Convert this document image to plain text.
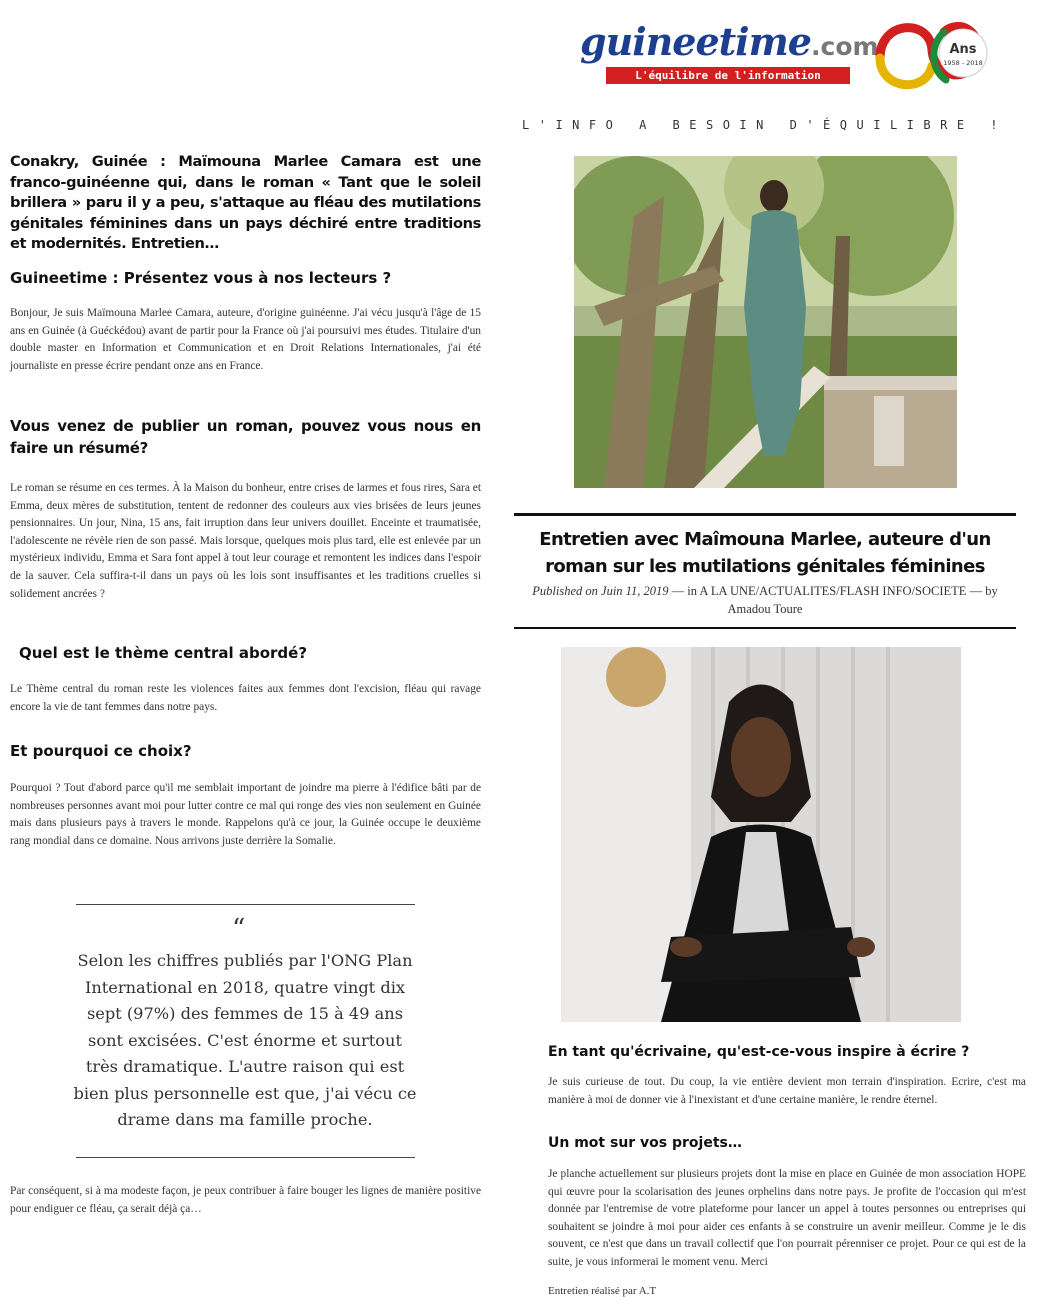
guineetime.com
L'équilibre de l'information
Ans
1958 - 2018
L'INFO A BESOIN D'ÉQUILIBRE !
Conakry, Guinée : Maïmouna Marlee Camara est une franco-guinéenne qui, dans le roman « Tant que le soleil brillera » paru il y a peu, s'attaque au fléau des mutilations génitales féminines dans un pays déchiré entre traditions et modernités. Entretien…
Guineetime : Présentez vous à nos lecteurs ?

Bonjour, Je suis Maïmouna Marlee Camara, auteure, d'origine guinéenne. J'ai vécu jusqu'à l'âge de 15 ans en Guinée (à Guéckédou) avant de partir pour la France où j'ai poursuivi mes études. Titulaire d'un double master en Information et Communication et en Droit Relations Internationales, j'ai été journaliste en presse écrire pendant onze ans en France.

Vous venez de publier un roman, pouvez vous nous en faire un résumé?

Le roman se résume en ces termes. À la Maison du bonheur, entre crises de larmes et fous rires, Sara et Emma, deux mères de substitution, tentent de redonner des couleurs aux vies brisées de leurs jeunes pensionnaires. Un jour, Nina, 15 ans, fait irruption dans leur univers douillet. Enceinte et traumatisée, l'adolescente ne révèle rien de son passé. Mais lorsque, quelques mois plus tard, elle est enlevée par un mystérieux individu, Emma et Sara font appel à tout leur courage et remontent les indices dans l'espoir de la sauver. Cela suffira-t-il dans un pays où les lois sont insuffisantes et les traditions cruelles si solidement ancrées ?

Quel est le thème central abordé?

Le Thème central du roman reste les violences faites aux femmes dont l'excision, fléau qui ravage encore la vie de tant femmes dans notre pays.

Et pourquoi ce choix?

Pourquoi ? Tout d'abord parce qu'il me semblait important de joindre ma pierre à l'édifice bâti par de nombreuses personnes avant moi pour lutter contre ce mal qui ronge des vies non seulement en Guinée mais dans plusieurs pays à travers le monde. Rappelons qu'à ce jour, la Guinée occupe le deuxième rang mondial dans ce domaine. Nous arrivons juste derrière la Somalie.

“
Selon les chiffres publiés par l'ONG Plan International en 2018, quatre vingt dix sept (97%) des femmes de 15 à 49 ans sont excisées. C'est énorme et surtout très dramatique. L'autre raison qui est bien plus personnelle est que, j'ai vécu ce drame dans ma famille proche.

Par conséquent, si à ma modeste façon, je peux contribuer à faire bouger les lignes de manière positive pour endiguer ce fléau, ça serait déjà ça…

Entretien avec Maîmouna Marlee, auteure d'un roman sur les mutilations génitales féminines
Published on Juin 11, 2019 — in A LA UNE/ACTUALITES/FLASH INFO/SOCIETE — by
Amadou Toure
En tant qu'écrivaine, qu'est-ce-vous inspire à écrire ?

Je suis curieuse de tout. Du coup, la vie entière devient mon terrain d'inspiration. Ecrire, c'est ma manière à moi de donner vie à l'inexistant et d'une certaine manière, le rendre éternel.

Un mot sur vos projets…

Je planche actuellement sur plusieurs projets dont la mise en place en Guinée de mon association HOPE qui œuvre pour la scolarisation des jeunes orphelins dans notre pays. Je profite de l'occasion qui m'est donnée par l'entremise de votre plateforme pour lancer un appel à toutes personnes ou entreprises qui souhaitent se joindre à moi pour aider ces enfants à se construire un avenir meilleur. Comme je le dis souvent, ce n'est que dans un travail collectif que l'on pourrait pérenniser ce projet. Pour ce qui est de la suite, je vous informerai le moment venu. Merci

Entretien réalisé par A.T
